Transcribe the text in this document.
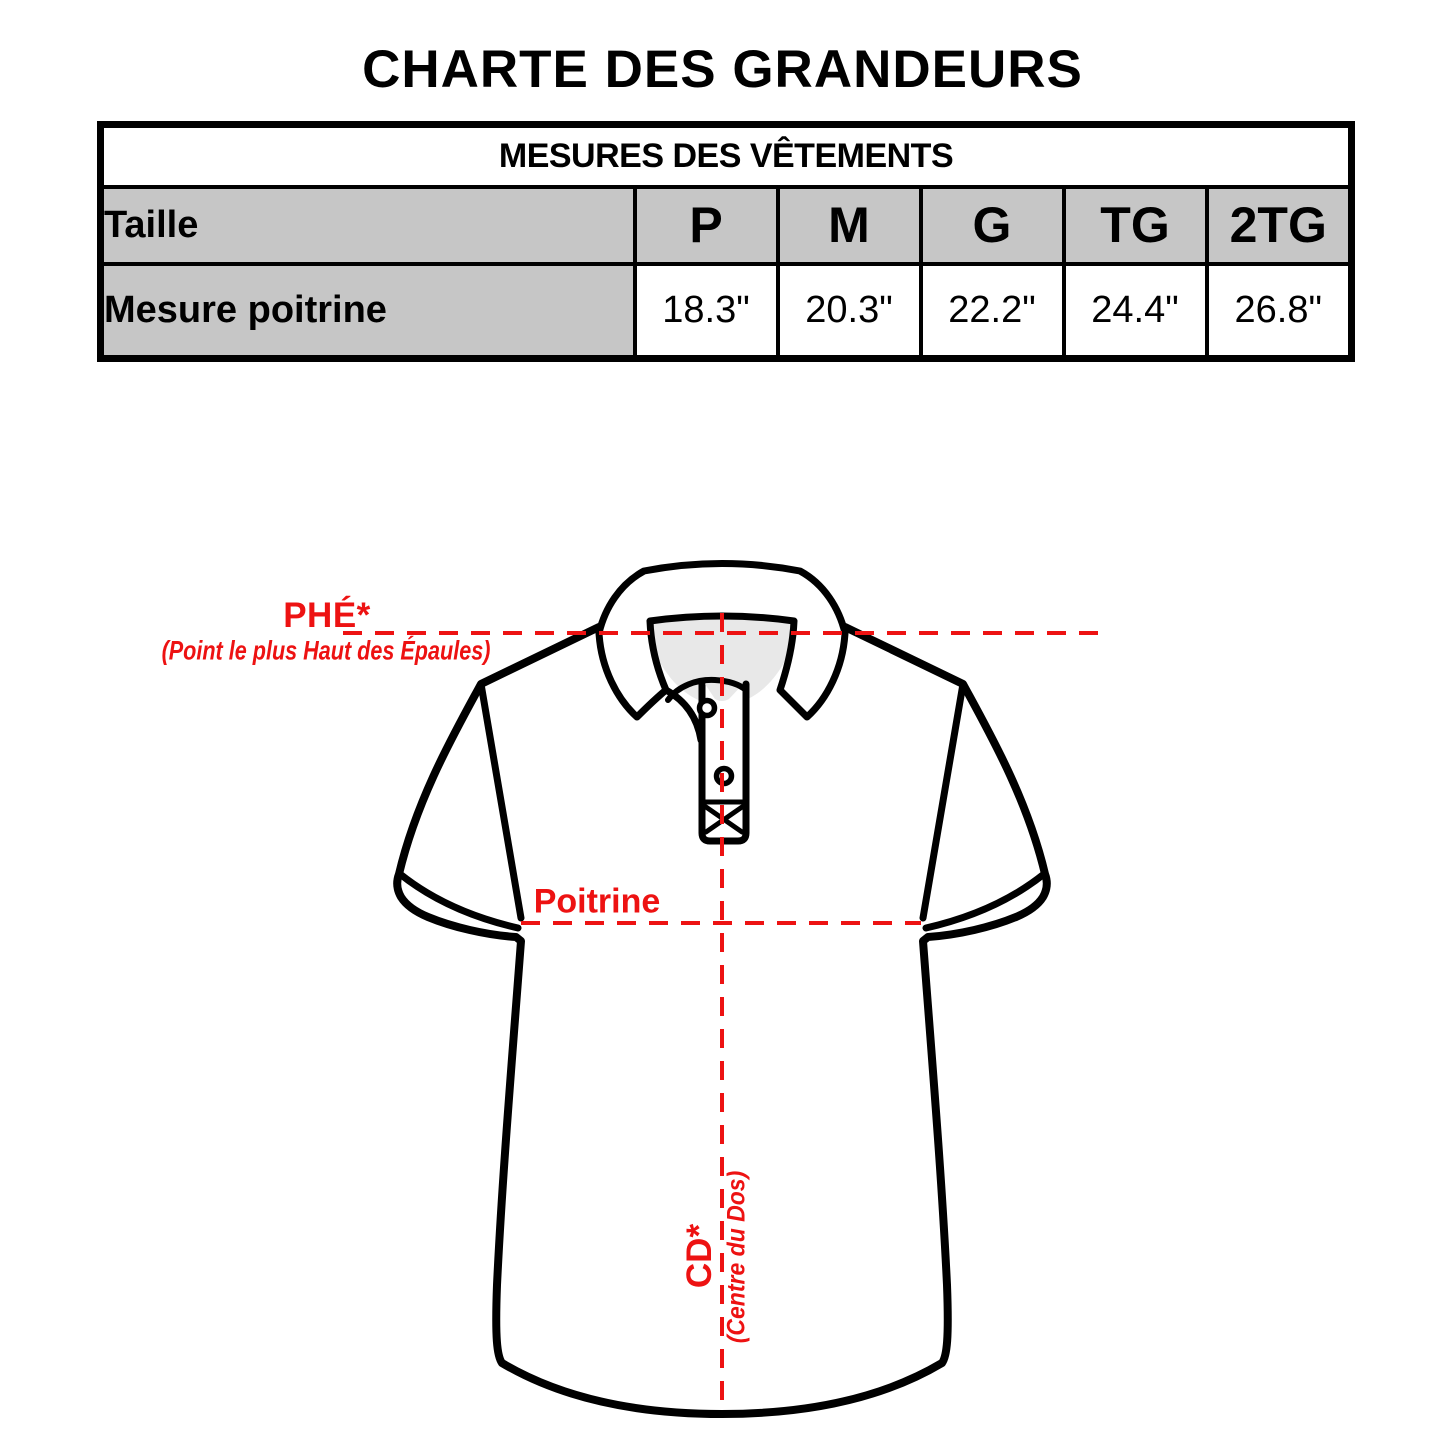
CHARTE DES GRANDEURS
MESURES DES VÊTEMENTS					
Taille	P	M	G	TG	2TG
Mesure poitrine	18.3"	20.3"	22.2"	24.4"	26.8"
PHÉ*
(Point le plus Haut des Épaules)
Poitrine
CD* (Centre du Dos)
